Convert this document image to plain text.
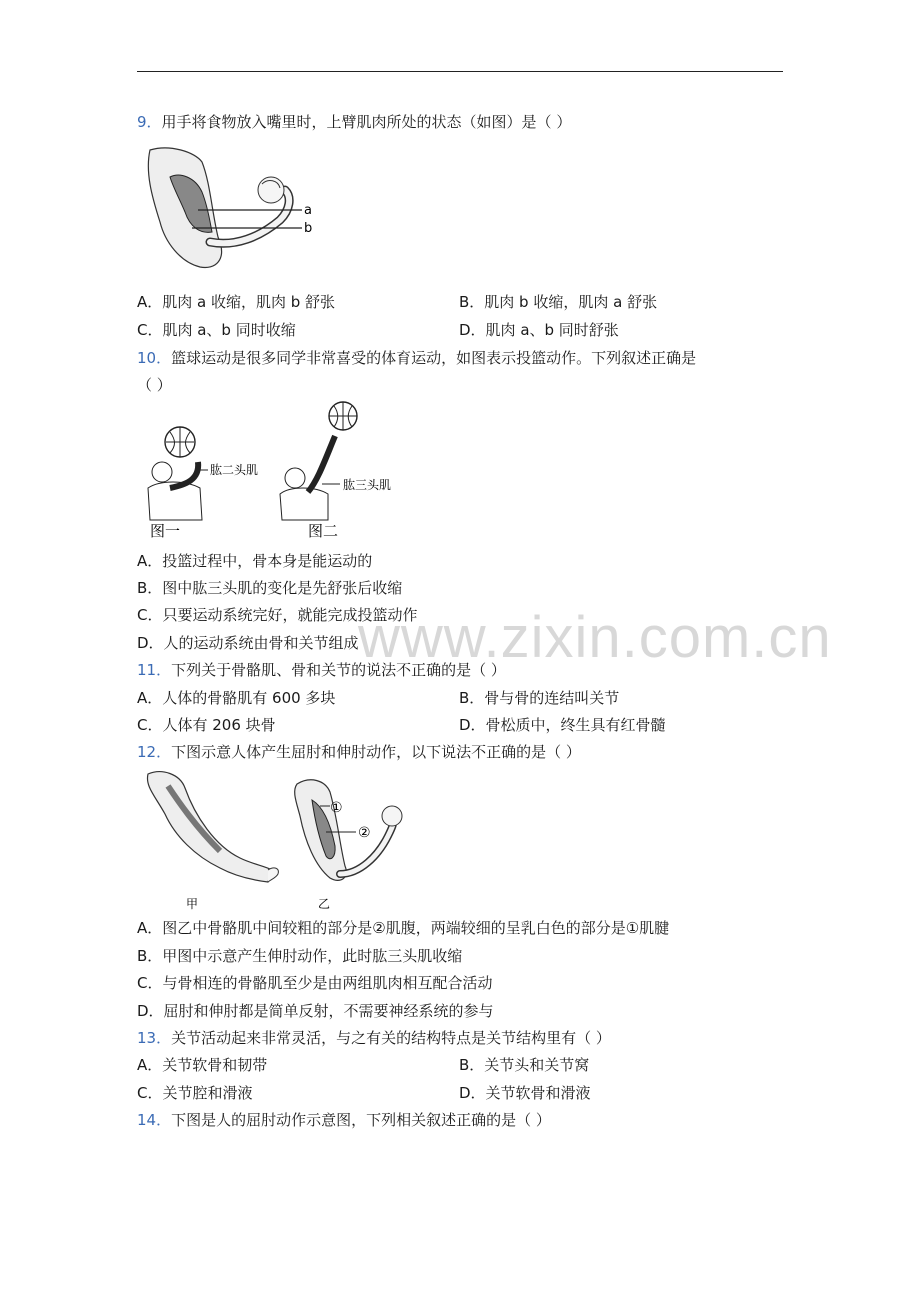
www.zixin.com.cn
9．用手将食物放入嘴里时，上臂肌肉所处的状态（如图）是（ ）
a
b
A．肌肉 a 收缩，肌肉 b 舒张	B．肌肉 b 收缩，肌肉 a 舒张
C．肌肉 a、b 同时收缩	D．肌肉 a、b 同时舒张
10．篮球运动是很多同学非常喜受的体育运动，如图表示投篮动作。下列叙述正确是
（ ）
肱二头肌
图一
肱三头肌
图二
A．投篮过程中，骨本身是能运动的
B．图中肱三头肌的变化是先舒张后收缩
C．只要运动系统完好，就能完成投篮动作
D．人的运动系统由骨和关节组成
11．下列关于骨骼肌、骨和关节的说法不正确的是（ ）
A．人体的骨骼肌有 600 多块	B．骨与骨的连结叫关节
C．人体有 206 块骨	D．骨松质中，终生具有红骨髓
12．下图示意人体产生屈肘和伸肘动作，以下说法不正确的是（ ）
甲
①
②
乙
A．图乙中骨骼肌中间较粗的部分是②肌腹，两端较细的呈乳白色的部分是①肌腱
B．甲图中示意产生伸肘动作，此时肱三头肌收缩
C．与骨相连的骨骼肌至少是由两组肌肉相互配合活动
D．屈肘和伸肘都是简单反射，不需要神经系统的参与
13．关节活动起来非常灵活，与之有关的结构特点是关节结构里有（ ）
A．关节软骨和韧带	B．关节头和关节窝
C．关节腔和滑液	D．关节软骨和滑液
14．下图是人的屈肘动作示意图，下列相关叙述正确的是（ ）
